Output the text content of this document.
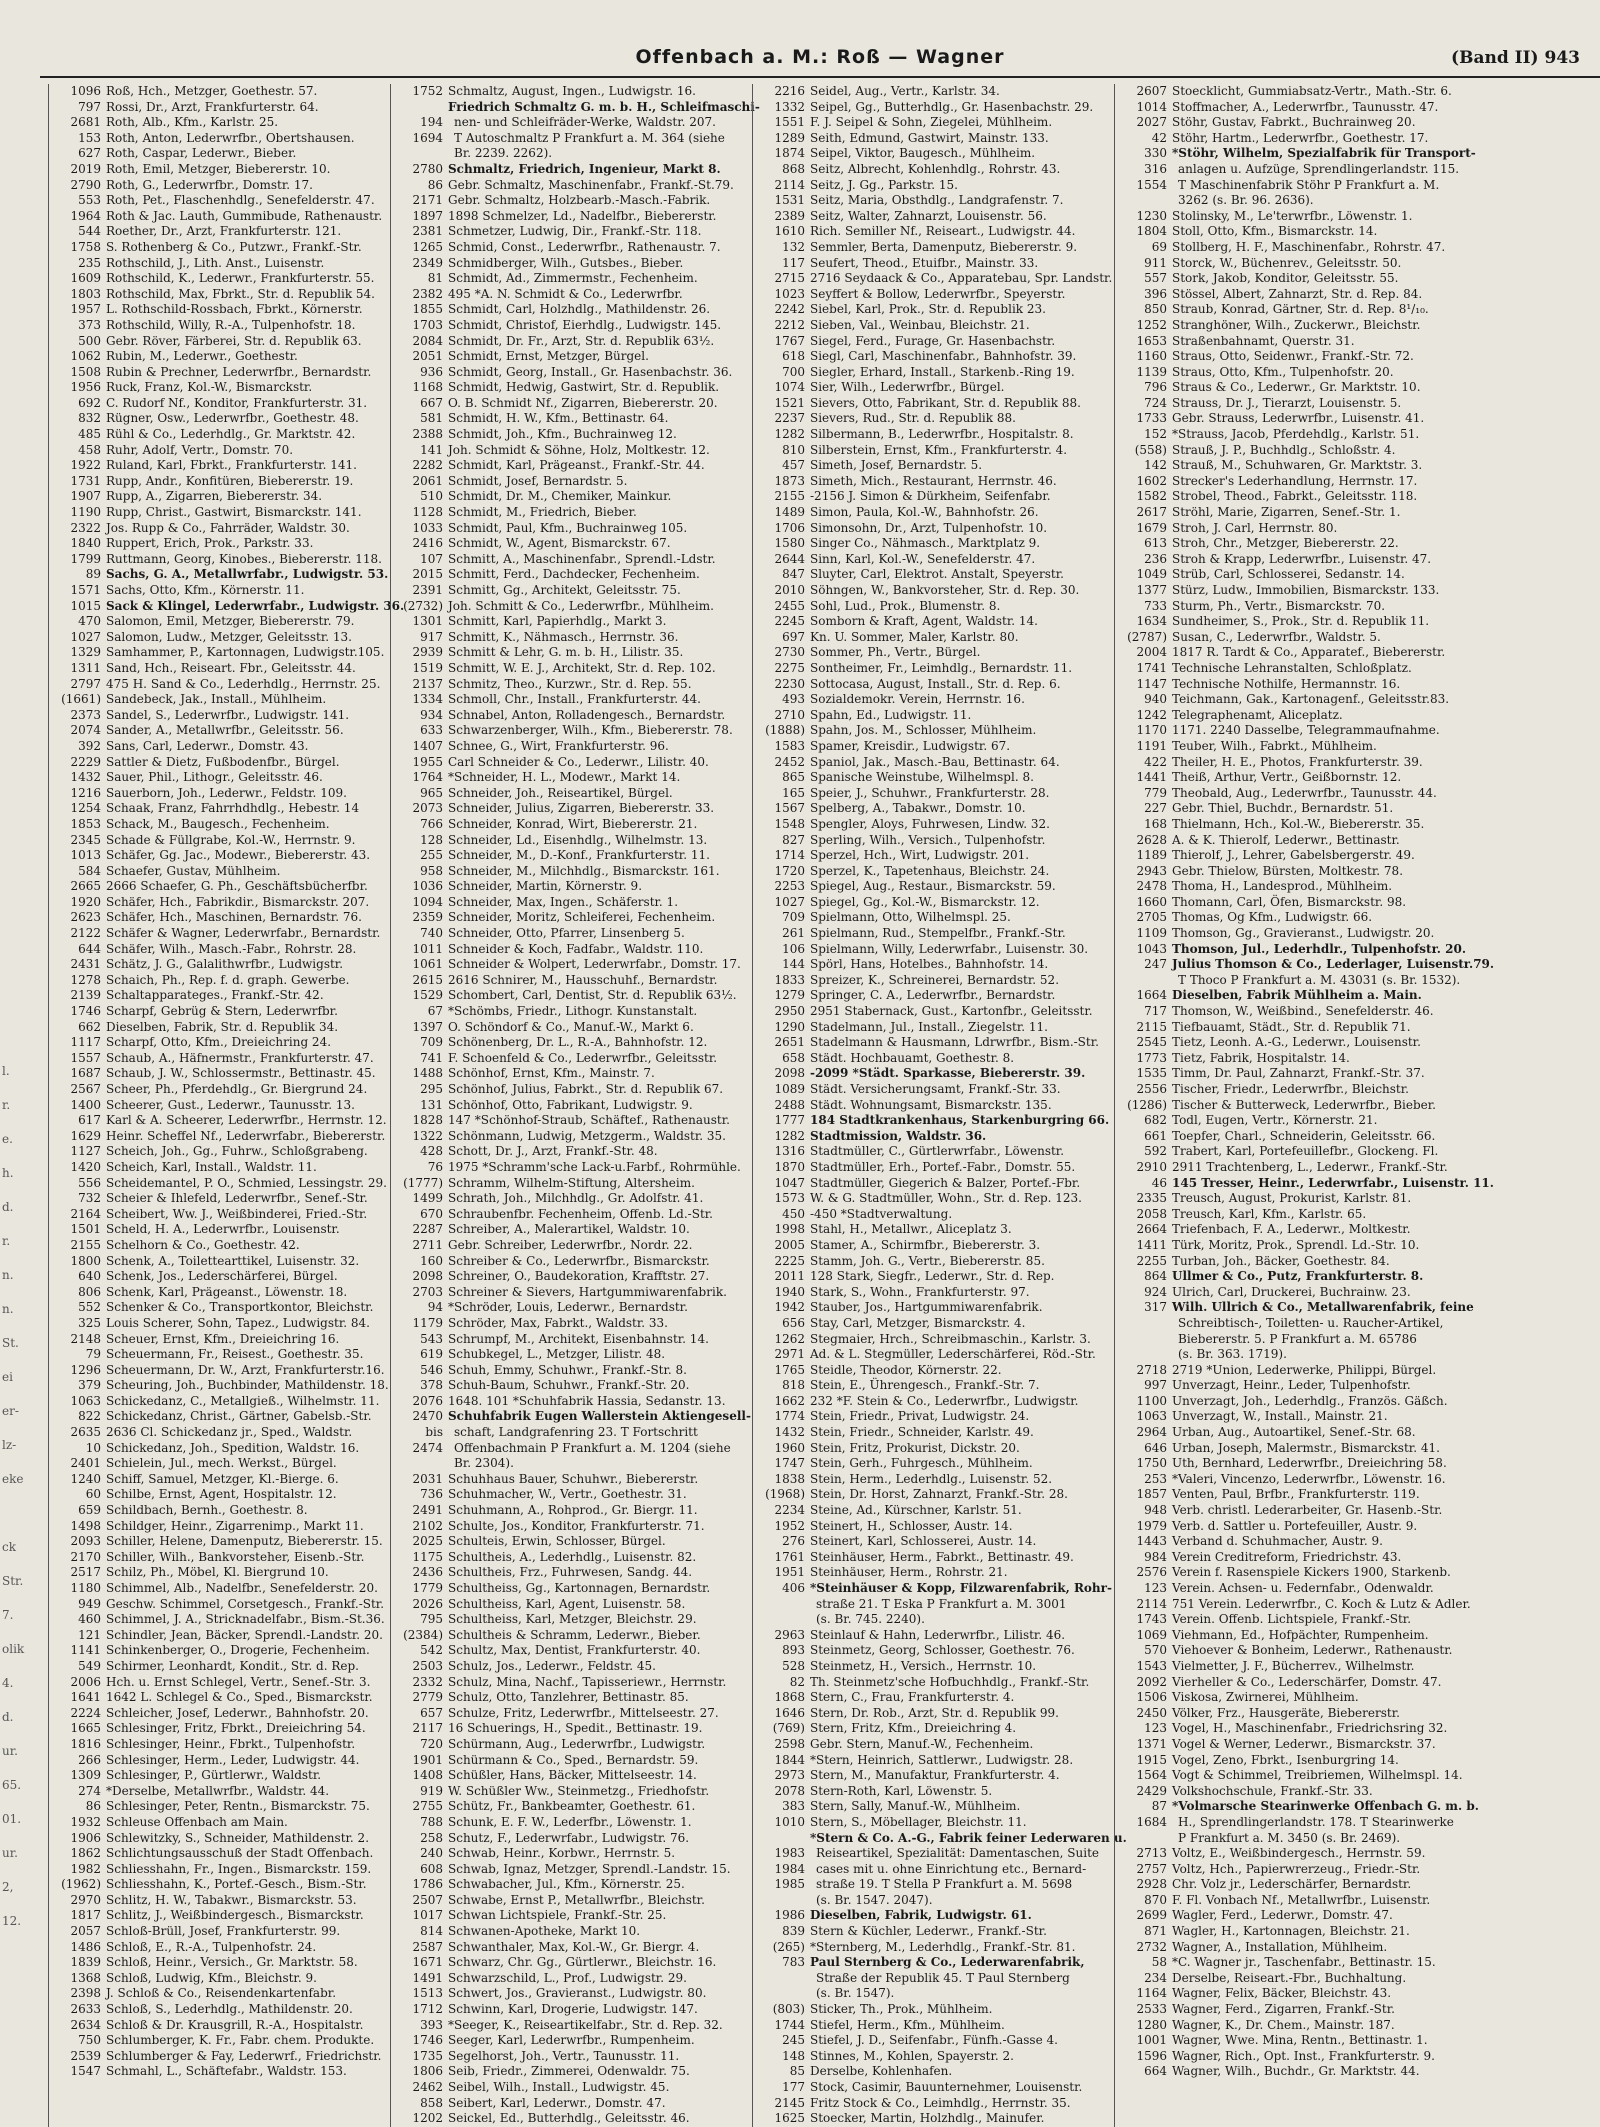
Offenbach a. M.: Roß — Wagner	(Band II) 943
l.
r.
e.
h.
d.
r.
n.
n.
St.
ei
er-
lz-
eke
ck
Str.
7.
olik
4.
d.
ur.
65.
01.
ur.
2,
12.
1096 Roß, Hch., Metzger, Goethestr. 57.
797 Rossi, Dr., Arzt, Frankfurterstr. 64.
2681 Roth, Alb., Kfm., Karlstr. 25.
153 Roth, Anton, Lederwrfbr., Obertshausen.
627 Roth, Caspar, Lederwr., Bieber.
2019 Roth, Emil, Metzger, Biebererstr. 10.
2790 Roth, G., Lederwrfbr., Domstr. 17.
553 Roth, Pet., Flaschenhdlg., Senefelderstr. 47.
1964 Roth & Jac. Lauth, Gummibude, Rathenaustr.
544 Roether, Dr., Arzt, Frankfurterstr. 121.
1758 S. Rothenberg & Co., Putzwr., Frankf.-Str.
235 Rothschild, J., Lith. Anst., Luisenstr.
1609 Rothschild, K., Lederwr., Frankfurterstr. 55.
1803 Rothschild, Max, Fbrkt., Str. d. Republik 54.
1957 L. Rothschild-Rossbach, Fbrkt., Körnerstr.
373 Rothschild, Willy, R.-A., Tulpenhofstr. 18.
500 Gebr. Röver, Färberei, Str. d. Republik 63.
1062 Rubin, M., Lederwr., Goethestr.
1508 Rubin & Prechner, Lederwrfbr., Bernardstr.
1956 Ruck, Franz, Kol.-W., Bismarckstr.
692 C. Rudorf Nf., Konditor, Frankfurterstr. 31.
832 Rügner, Osw., Lederwrfbr., Goethestr. 48.
485 Rühl & Co., Lederhdlg., Gr. Marktstr. 42.
458 Ruhr, Adolf, Vertr., Domstr. 70.
1922 Ruland, Karl, Fbrkt., Frankfurterstr. 141.
1731 Rupp, Andr., Konfitüren, Biebererstr. 19.
1907 Rupp, A., Zigarren, Biebererstr. 34.
1190 Rupp, Christ., Gastwirt, Bismarckstr. 141.
2322 Jos. Rupp & Co., Fahrräder, Waldstr. 30.
1840 Ruppert, Erich, Prok., Parkstr. 33.
1799 Ruttmann, Georg, Kinobes., Biebererstr. 118.
89 Sachs, G. A., Metallwrfabr., Ludwigstr. 53.
1571 Sachs, Otto, Kfm., Körnerstr. 11.
1015 Sack & Klingel, Lederwrfabr., Ludwigstr. 36.
470 Salomon, Emil, Metzger, Biebererstr. 79.
1027 Salomon, Ludw., Metzger, Geleitsstr. 13.
1329 Samhammer, P., Kartonnagen, Ludwigstr.105.
1311 Sand, Hch., Reiseart. Fbr., Geleitsstr. 44.
2797 475 H. Sand & Co., Lederhdlg., Herrnstr. 25.
(1661) Sandebeck, Jak., Install., Mühlheim.
2373 Sandel, S., Lederwrfbr., Ludwigstr. 141.
2074 Sander, A., Metallwrfbr., Geleitsstr. 56.
392 Sans, Carl, Lederwr., Domstr. 43.
2229 Sattler & Dietz, Fußbodenfbr., Bürgel.
1432 Sauer, Phil., Lithogr., Geleitsstr. 46.
1216 Sauerborn, Joh., Lederwr., Feldstr. 109.
1254 Schaak, Franz, Fahrrhdhdlg., Hebestr. 14
1853 Schack, M., Baugesch., Fechenheim.
2345 Schade & Füllgrabe, Kol.-W., Herrnstr. 9.
1013 Schäfer, Gg. Jac., Modewr., Biebererstr. 43.
584 Schaefer, Gustav, Mühlheim.
2665 2666 Schaefer, G. Ph., Geschäftsbücherfbr.
1920 Schäfer, Hch., Fabrikdir., Bismarckstr. 207.
2623 Schäfer, Hch., Maschinen, Bernardstr. 76.
2122 Schäfer & Wagner, Lederwrfabr., Bernardstr.
644 Schäfer, Wilh., Masch.-Fabr., Rohrstr. 28.
2431 Schätz, J. G., Galalithwrfbr., Ludwigstr.
1278 Schaich, Ph., Rep. f. d. graph. Gewerbe.
2139 Schaltapparateges., Frankf.-Str. 42.
1746 Scharpf, Gebrüg & Stern, Lederwrfbr.
662 Dieselben, Fabrik, Str. d. Republik 34.
1117 Scharpf, Otto, Kfm., Dreieichring 24.
1557 Schaub, A., Häfnermstr., Frankfurterstr. 47.
1687 Schaub, J. W., Schlossermstr., Bettinastr. 45.
2567 Scheer, Ph., Pferdehdlg., Gr. Biergrund 24.
1400 Scheerer, Gust., Lederwr., Taunusstr. 13.
617 Karl & A. Scheerer, Lederwrfbr., Herrnstr. 12.
1629 Heinr. Scheffel Nf., Lederwrfabr., Biebererstr.
1127 Scheich, Joh., Gg., Fuhrw., Schloßgrabeng.
1420 Scheich, Karl, Install., Waldstr. 11.
556 Scheidemantel, P. O., Schmied, Lessingstr. 29.
732 Scheier & Ihlefeld, Lederwrfbr., Senef.-Str.
2164 Scheibert, Ww. J., Weißbinderei, Fried.-Str.
1501 Scheld, H. A., Lederwrfbr., Louisenstr.
2155 Schelhorn & Co., Goethestr. 42.
1800 Schenk, A., Toilettearttikel, Luisenstr. 32.
640 Schenk, Jos., Lederschärferei, Bürgel.
806 Schenk, Karl, Prägeanst., Löwenstr. 18.
552 Schenker & Co., Transportkontor, Bleichstr.
325 Louis Scherer, Sohn, Tapez., Ludwigstr. 84.
2148 Scheuer, Ernst, Kfm., Dreieichring 16.
79 Scheuermann, Fr., Reisest., Goethestr. 35.
1296 Scheuermann, Dr. W., Arzt, Frankfurterstr.16.
379 Scheuring, Joh., Buchbinder, Mathildenstr. 18.
1063 Schickedanz, C., Metallgieß., Wilhelmstr. 11.
822 Schickedanz, Christ., Gärtner, Gabelsb.-Str.
2635 2636 Cl. Schickedanz jr., Sped., Waldstr.
10 Schickedanz, Joh., Spedition, Waldstr. 16.
2401 Schielein, Jul., mech. Werkst., Bürgel.
1240 Schiff, Samuel, Metzger, Kl.-Bierge. 6.
60 Schilbe, Ernst, Agent, Hospitalstr. 12.
659 Schildbach, Bernh., Goethestr. 8.
1498 Schildger, Heinr., Zigarrenimp., Markt 11.
2093 Schiller, Helene, Damenputz, Biebererstr. 15.
2170 Schiller, Wilh., Bankvorsteher, Eisenb.-Str.
2517 Schilz, Ph., Möbel, Kl. Biergrund 10.
1180 Schimmel, Alb., Nadelfbr., Senefelderstr. 20.
949 Geschw. Schimmel, Corsetgesch., Frankf.-Str.
460 Schimmel, J. A., Stricknadelfabr., Bism.-St.36.
121 Schindler, Jean, Bäcker, Sprendl.-Landstr. 20.
1141 Schinkenberger, O., Drogerie, Fechenheim.
549 Schirmer, Leonhardt, Kondit., Str. d. Rep.
2006 Hch. u. Ernst Schlegel, Vertr., Senef.-Str. 3.
1641 1642 L. Schlegel & Co., Sped., Bismarckstr.
2224 Schleicher, Josef, Lederwr., Bahnhofstr. 20.
1665 Schlesinger, Fritz, Fbrkt., Dreieichring 54.
1816 Schlesinger, Heinr., Fbrkt., Tulpenhofstr.
266 Schlesinger, Herm., Leder, Ludwigstr. 44.
1309 Schlesinger, P., Gürtlerwr., Waldstr.
274 *Derselbe, Metallwrfbr., Waldstr. 44.
86 Schlesinger, Peter, Rentn., Bismarckstr. 75.
1932 Schleuse Offenbach am Main.
1906 Schlewitzky, S., Schneider, Mathildenstr. 2.
1862 Schlichtungsausschuß der Stadt Offenbach.
1982 Schliesshahn, Fr., Ingen., Bismarckstr. 159.
(1962) Schliesshahn, K., Portef.-Gesch., Bism.-Str.
2970 Schlitz, H. W., Tabakwr., Bismarckstr. 53.
1817 Schlitz, J., Weißbindergesch., Bismarckstr.
2057 Schloß-Brüll, Josef, Frankfurterstr. 99.
1486 Schloß, E., R.-A., Tulpenhofstr. 24.
1839 Schloß, Heinr., Versich., Gr. Marktstr. 58.
1368 Schloß, Ludwig, Kfm., Bleichstr. 9.
2398 J. Schloß & Co., Reisendenkartenfabr.
2633 Schloß, S., Lederhdlg., Mathildenstr. 20.
2634 Schloß & Dr. Krausgrill, R.-A., Hospitalstr.
750 Schlumberger, K. Fr., Fabr. chem. Produkte.
2539 Schlumberger & Fay, Lederwrf., Friedrichstr.
1547 Schmahl, L., Schäftefabr., Waldstr. 153.
1752 Schmaltz, August, Ingen., Ludwigstr. 16.
Friedrich Schmaltz G. m. b. H., Schleifmaschi-
194 nen- und Schleifräder-Werke, Waldstr. 207.
1694 T Autoschmaltz P Frankfurt a. M. 364 (siehe
Br. 2239. 2262).
2780 Schmaltz, Friedrich, Ingenieur, Markt 8.
86 Gebr. Schmaltz, Maschinenfabr., Frankf.-St.79.
2171 Gebr. Schmaltz, Holzbearb.-Masch.-Fabrik.
1897 1898 Schmelzer, Ld., Nadelfbr., Biebererstr.
2381 Schmetzer, Ludwig, Dir., Frankf.-Str. 118.
1265 Schmid, Const., Lederwrfbr., Rathenaustr. 7.
2349 Schmidberger, Wilh., Gutsbes., Bieber.
81 Schmidt, Ad., Zimmermstr., Fechenheim.
2382 495 *A. N. Schmidt & Co., Lederwrfbr.
1855 Schmidt, Carl, Holzhdlg., Mathildenstr. 26.
1703 Schmidt, Christof, Eierhdlg., Ludwigstr. 145.
2084 Schmidt, Dr. Fr., Arzt, Str. d. Republik 63½.
2051 Schmidt, Ernst, Metzger, Bürgel.
936 Schmidt, Georg, Install., Gr. Hasenbachstr. 36.
1168 Schmidt, Hedwig, Gastwirt, Str. d. Republik.
667 O. B. Schmidt Nf., Zigarren, Biebererstr. 20.
581 Schmidt, H. W., Kfm., Bettinastr. 64.
2388 Schmidt, Joh., Kfm., Buchrainweg 12.
141 Joh. Schmidt & Söhne, Holz, Moltkestr. 12.
2282 Schmidt, Karl, Prägeanst., Frankf.-Str. 44.
2061 Schmidt, Josef, Bernardstr. 5.
510 Schmidt, Dr. M., Chemiker, Mainkur.
1128 Schmidt, M., Friedrich, Bieber.
1033 Schmidt, Paul, Kfm., Buchrainweg 105.
2416 Schmidt, W., Agent, Bismarckstr. 67.
107 Schmitt, A., Maschinenfabr., Sprendl.-Ldstr.
2015 Schmitt, Ferd., Dachdecker, Fechenheim.
2391 Schmitt, Gg., Architekt, Geleitsstr. 75.
(2732) Joh. Schmitt & Co., Lederwrfbr., Mühlheim.
1301 Schmitt, Karl, Papierhdlg., Markt 3.
917 Schmitt, K., Nähmasch., Herrnstr. 36.
2939 Schmitt & Lehr, G. m. b. H., Lilistr. 35.
1519 Schmitt, W. E. J., Architekt, Str. d. Rep. 102.
2137 Schmitz, Theo., Kurzwr., Str. d. Rep. 55.
1334 Schmoll, Chr., Install., Frankfurterstr. 44.
934 Schnabel, Anton, Rolladengesch., Bernardstr.
633 Schwarzenberger, Wilh., Kfm., Biebererstr. 78.
1407 Schnee, G., Wirt, Frankfurterstr. 96.
1955 Carl Schneider & Co., Lederwr., Lilistr. 40.
1764 *Schneider, H. L., Modewr., Markt 14.
965 Schneider, Joh., Reiseartikel, Bürgel.
2073 Schneider, Julius, Zigarren, Biebererstr. 33.
766 Schneider, Konrad, Wirt, Biebererstr. 21.
128 Schneider, Ld., Eisenhdlg., Wilhelmstr. 13.
255 Schneider, M., D.-Konf., Frankfurterstr. 11.
958 Schneider, M., Milchhdlg., Bismarckstr. 161.
1036 Schneider, Martin, Körnerstr. 9.
1094 Schneider, Max, Ingen., Schäferstr. 1.
2359 Schneider, Moritz, Schleiferei, Fechenheim.
740 Schneider, Otto, Pfarrer, Linsenberg 5.
1011 Schneider & Koch, Fadfabr., Waldstr. 110.
1061 Schneider & Wolpert, Lederwrfabr., Domstr. 17.
2615 2616 Schnirer, M., Hausschuhf., Bernardstr.
1529 Schombert, Carl, Dentist, Str. d. Republik 63½.
67 *Schömbs, Friedr., Lithogr. Kunstanstalt.
1397 O. Schöndorf & Co., Manuf.-W., Markt 6.
709 Schönenberg, Dr. L., R.-A., Bahnhofstr. 12.
741 F. Schoenfeld & Co., Lederwrfbr., Geleitsstr.
1488 Schönhof, Ernst, Kfm., Mainstr. 7.
295 Schönhof, Julius, Fabrkt., Str. d. Republik 67.
131 Schönhof, Otto, Fabrikant, Ludwigstr. 9.
1828 147 *Schönhof-Straub, Schäftef., Rathenaustr.
1322 Schönmann, Ludwig, Metzgerm., Waldstr. 35.
428 Schott, Dr. J., Arzt, Frankf.-Str. 48.
76 1975 *Schramm'sche Lack-u.Farbf., Rohrmühle.
(1777) Schramm, Wilhelm-Stiftung, Altersheim.
1499 Schrath, Joh., Milchhdlg., Gr. Adolfstr. 41.
670 Schraubenfbr. Fechenheim, Offenb. Ld.-Str.
2287 Schreiber, A., Malerartikel, Waldstr. 10.
2711 Gebr. Schreiber, Lederwrfbr., Nordr. 22.
160 Schreiber & Co., Lederwrfbr., Bismarckstr.
2098 Schreiner, O., Baudekoration, Krafftstr. 27.
2703 Schreiner & Sievers, Hartgummiwarenfabrik.
94 *Schröder, Louis, Lederwr., Bernardstr.
1179 Schröder, Max, Fabrkt., Waldstr. 33.
543 Schrumpf, M., Architekt, Eisenbahnstr. 14.
619 Schubkegel, L., Metzger, Lilistr. 48.
546 Schuh, Emmy, Schuhwr., Frankf.-Str. 8.
378 Schuh-Baum, Schuhwr., Frankf.-Str. 20.
2076 1648. 101 *Schuhfabrik Hassia, Sedanstr. 13.
2470 Schuhfabrik Eugen Wallerstein Aktiengesell-
bis schaft, Landgrafenring 23. T Fortschritt
2474 Offenbachmain P Frankfurt a. M. 1204 (siehe
Br. 2304).
2031 Schuhhaus Bauer, Schuhwr., Biebererstr.
736 Schuhmacher, W., Vertr., Goethestr. 31.
2491 Schuhmann, A., Rohprod., Gr. Biergr. 11.
2102 Schulte, Jos., Konditor, Frankfurterstr. 71.
2025 Schulteis, Erwin, Schlosser, Bürgel.
1175 Schultheis, A., Lederhdlg., Luisenstr. 82.
2436 Schultheis, Frz., Fuhrwesen, Sandg. 44.
1779 Schultheiss, Gg., Kartonnagen, Bernardstr.
2026 Schultheiss, Karl, Agent, Luisenstr. 58.
795 Schultheiss, Karl, Metzger, Bleichstr. 29.
(2384) Schultheis & Schramm, Lederwr., Bieber.
542 Schultz, Max, Dentist, Frankfurterstr. 40.
2503 Schulz, Jos., Lederwr., Feldstr. 45.
2332 Schulz, Mina, Nachf., Tapisseriewr., Herrnstr.
2779 Schulz, Otto, Tanzlehrer, Bettinastr. 85.
657 Schulze, Fritz, Lederwrfbr., Mittelseestr. 27.
2117 16 Schuerings, H., Spedit., Bettinastr. 19.
720 Schürmann, Aug., Lederwrfbr., Ludwigstr.
1901 Schürmann & Co., Sped., Bernardstr. 59.
1408 Schüßler, Hans, Bäcker, Mittelseestr. 14.
919 W. Schüßler Ww., Steinmetzg., Friedhofstr.
2755 Schütz, Fr., Bankbeamter, Goethestr. 61.
788 Schunk, E. F. W., Lederfbr., Löwenstr. 1.
258 Schutz, F., Lederwrfabr., Ludwigstr. 76.
240 Schwab, Heinr., Korbwr., Herrnstr. 5.
608 Schwab, Ignaz, Metzger, Sprendl.-Landstr. 15.
1786 Schwabacher, Jul., Kfm., Körnerstr. 25.
2507 Schwabe, Ernst P., Metallwrfbr., Bleichstr.
1017 Schwan Lichtspiele, Frankf.-Str. 25.
814 Schwanen-Apotheke, Markt 10.
2587 Schwanthaler, Max, Kol.-W., Gr. Biergr. 4.
1671 Schwarz, Chr. Gg., Gürtlerwr., Bleichstr. 16.
1491 Schwarzschild, L., Prof., Ludwigstr. 29.
1513 Schwert, Jos., Gravieranst., Ludwigstr. 80.
1712 Schwinn, Karl, Drogerie, Ludwigstr. 147.
393 *Seeger, K., Reiseartikelfabr., Str. d. Rep. 32.
1746 Seeger, Karl, Lederwrfbr., Rumpenheim.
1735 Segelhorst, Joh., Vertr., Taunusstr. 11.
1806 Seib, Friedr., Zimmerei, Odenwaldr. 75.
2462 Seibel, Wilh., Install., Ludwigstr. 45.
858 Seibert, Karl, Lederwr., Domstr. 47.
1202 Seickel, Ed., Butterhdlg., Geleitsstr. 46.
2216 Seidel, Aug., Vertr., Karlstr. 34.
1332 Seipel, Gg., Butterhdlg., Gr. Hasenbachstr. 29.
1551 F. J. Seipel & Sohn, Ziegelei, Mühlheim.
1289 Seith, Edmund, Gastwirt, Mainstr. 133.
1874 Seipel, Viktor, Baugesch., Mühlheim.
868 Seitz, Albrecht, Kohlenhdlg., Rohrstr. 43.
2114 Seitz, J. Gg., Parkstr. 15.
1531 Seitz, Maria, Obsthdlg., Landgrafenstr. 7.
2389 Seitz, Walter, Zahnarzt, Louisenstr. 56.
1610 Rich. Semiller Nf., Reiseart., Ludwigstr. 44.
132 Semmler, Berta, Damenputz, Biebererstr. 9.
117 Seufert, Theod., Etuifbr., Mainstr. 33.
2715 2716 Seydaack & Co., Apparatebau, Spr. Landstr.
1023 Seyffert & Bollow, Lederwrfbr., Speyerstr.
2242 Siebel, Karl, Prok., Str. d. Republik 23.
2212 Sieben, Val., Weinbau, Bleichstr. 21.
1767 Siegel, Ferd., Furage, Gr. Hasenbachstr.
618 Siegl, Carl, Maschinenfabr., Bahnhofstr. 39.
700 Siegler, Erhard, Install., Starkenb.-Ring 19.
1074 Sier, Wilh., Lederwrfbr., Bürgel.
1521 Sievers, Otto, Fabrikant, Str. d. Republik 88.
2237 Sievers, Rud., Str. d. Republik 88.
1282 Silbermann, B., Lederwrfbr., Hospitalstr. 8.
810 Silberstein, Ernst, Kfm., Frankfurterstr. 4.
457 Simeth, Josef, Bernardstr. 5.
1873 Simeth, Mich., Restaurant, Herrnstr. 46.
2155 -2156 J. Simon & Dürkheim, Seifenfabr.
1489 Simon, Paula, Kol.-W., Bahnhofstr. 26.
1706 Simonsohn, Dr., Arzt, Tulpenhofstr. 10.
1580 Singer Co., Nähmasch., Marktplatz 9.
2644 Sinn, Karl, Kol.-W., Senefelderstr. 47.
847 Sluyter, Carl, Elektrot. Anstalt, Speyerstr.
2010 Söhngen, W., Bankvorsteher, Str. d. Rep. 30.
2455 Sohl, Lud., Prok., Blumenstr. 8.
2245 Somborn & Kraft, Agent, Waldstr. 14.
697 Kn. U. Sommer, Maler, Karlstr. 80.
2730 Sommer, Ph., Vertr., Bürgel.
2275 Sontheimer, Fr., Leimhdlg., Bernardstr. 11.
2230 Sottocasa, August, Install., Str. d. Rep. 6.
493 Sozialdemokr. Verein, Herrnstr. 16.
2710 Spahn, Ed., Ludwigstr. 11.
(1888) Spahn, Jos. M., Schlosser, Mühlheim.
1583 Spamer, Kreisdir., Ludwigstr. 67.
2452 Spaniol, Jak., Masch.-Bau, Bettinastr. 64.
865 Spanische Weinstube, Wilhelmspl. 8.
165 Speier, J., Schuhwr., Frankfurterstr. 28.
1567 Spelberg, A., Tabakwr., Domstr. 10.
1548 Spengler, Aloys, Fuhrwesen, Lindw. 32.
827 Sperling, Wilh., Versich., Tulpenhofstr.
1714 Sperzel, Hch., Wirt, Ludwigstr. 201.
1720 Sperzel, K., Tapetenhaus, Bleichstr. 24.
2253 Spiegel, Aug., Restaur., Bismarckstr. 59.
1027 Spiegel, Gg., Kol.-W., Bismarckstr. 12.
709 Spielmann, Otto, Wilhelmspl. 25.
261 Spielmann, Rud., Stempelfbr., Frankf.-Str.
106 Spielmann, Willy, Lederwrfabr., Luisenstr. 30.
144 Spörl, Hans, Hotelbes., Bahnhofstr. 14.
1833 Spreizer, K., Schreinerei, Bernardstr. 52.
1279 Springer, C. A., Lederwrfbr., Bernardstr.
2950 2951 Stabernack, Gust., Kartonfbr., Geleitsstr.
1290 Stadelmann, Jul., Install., Ziegelstr. 11.
2651 Stadelmann & Hausmann, Ldrwrfbr., Bism.-Str.
658 Städt. Hochbauamt, Goethestr. 8.
2098 -2099 *Städt. Sparkasse, Biebererstr. 39.
1089 Städt. Versicherungsamt, Frankf.-Str. 33.
2488 Städt. Wohnungsamt, Bismarckstr. 135.
1777 184 Stadtkrankenhaus, Starkenburgring 66.
1282 Stadtmission, Waldstr. 36.
1316 Stadtmüller, C., Gürtlerwrfabr., Löwenstr.
1870 Stadtmüller, Erh., Portef.-Fabr., Domstr. 55.
1047 Stadtmüller, Giegerich & Balzer, Portef.-Fbr.
1573 W. & G. Stadtmüller, Wohn., Str. d. Rep. 123.
450 -450 *Stadtverwaltung.
1998 Stahl, H., Metallwr., Aliceplatz 3.
2005 Stamer, A., Schirmfbr., Biebererstr. 3.
2225 Stamm, Joh. G., Vertr., Biebererstr. 85.
2011 128 Stark, Siegfr., Lederwr., Str. d. Rep.
1940 Stark, S., Wohn., Frankfurterstr. 97.
1942 Stauber, Jos., Hartgummiwarenfabrik.
656 Stay, Carl, Metzger, Bismarckstr. 4.
1262 Stegmaier, Hrch., Schreibmaschin., Karlstr. 3.
2971 Ad. & L. Stegmüller, Lederschärferei, Röd.-Str.
1765 Steidle, Theodor, Körnerstr. 22.
818 Stein, E., Ührengesch., Frankf.-Str. 7.
1662 232 *F. Stein & Co., Lederwrfbr., Ludwigstr.
1774 Stein, Friedr., Privat, Ludwigstr. 24.
1432 Stein, Friedr., Schneider, Karlstr. 49.
1960 Stein, Fritz, Prokurist, Dickstr. 20.
1747 Stein, Gerh., Fuhrgesch., Mühlheim.
1838 Stein, Herm., Lederhdlg., Luisenstr. 52.
(1968) Stein, Dr. Horst, Zahnarzt, Frankf.-Str. 28.
2234 Steine, Ad., Kürschner, Karlstr. 51.
1952 Steinert, H., Schlosser, Austr. 14.
276 Steinert, Karl, Schlosserei, Austr. 14.
1761 Steinhäuser, Herm., Fabrkt., Bettinastr. 49.
1951 Steinhäuser, Herm., Rohrstr. 21.
406 *Steinhäuser & Kopp, Filzwarenfabrik, Rohr-
straße 21. T Eska P Frankfurt a. M. 3001
(s. Br. 745. 2240).
2963 Steinlauf & Hahn, Lederwrfbr., Lilistr. 46.
893 Steinmetz, Georg, Schlosser, Goethestr. 76.
528 Steinmetz, H., Versich., Herrnstr. 10.
82 Th. Steinmetz'sche Hofbuchhdlg., Frankf.-Str.
1868 Stern, C., Frau, Frankfurterstr. 4.
1646 Stern, Dr. Rob., Arzt, Str. d. Republik 99.
(769) Stern, Fritz, Kfm., Dreieichring 4.
2598 Gebr. Stern, Manuf.-W., Fechenheim.
1844 *Stern, Heinrich, Sattlerwr., Ludwigstr. 28.
2973 Stern, M., Manufaktur, Frankfurterstr. 4.
2078 Stern-Roth, Karl, Löwenstr. 5.
383 Stern, Sally, Manuf.-W., Mühlheim.
1010 Stern, S., Möbellager, Bleichstr. 11.
*Stern & Co. A.-G., Fabrik feiner Lederwaren u.
1983 Reiseartikel, Spezialität: Damentaschen, Suite
1984 cases mit u. ohne Einrichtung etc., Bernard-
1985 straße 19. T Stella P Frankfurt a. M. 5698
(s. Br. 1547. 2047).
1986 Dieselben, Fabrik, Ludwigstr. 61.
839 Stern & Küchler, Lederwr., Frankf.-Str.
(265) *Sternberg, M., Lederhdlg., Frankf.-Str. 81.
783 Paul Sternberg & Co., Lederwarenfabrik,
Straße der Republik 45. T Paul Sternberg
(s. Br. 1547).
(803) Sticker, Th., Prok., Mühlheim.
1744 Stiefel, Herm., Kfm., Mühlheim.
245 Stiefel, J. D., Seifenfabr., Fünfh.-Gasse 4.
148 Stinnes, M., Kohlen, Spayerstr. 2.
85 Derselbe, Kohlenhafen.
177 Stock, Casimir, Bauunternehmer, Louisenstr.
2145 Fritz Stock & Co., Leimhdlg., Herrnstr. 35.
1625 Stoecker, Martin, Holzhdlg., Mainufer.
2607 Stoecklicht, Gummiabsatz-Vertr., Math.-Str. 6.
1014 Stoffmacher, A., Lederwrfbr., Taunusstr. 47.
2027 Stöhr, Gustav, Fabrkt., Buchrainweg 20.
42 Stöhr, Hartm., Lederwrfbr., Goethestr. 17.
330 *Stöhr, Wilhelm, Spezialfabrik für Transport-
316 anlagen u. Aufzüge, Sprendlingerlandstr. 115.
1554 T Maschinenfabrik Stöhr P Frankfurt a. M.
3262 (s. Br. 96. 2636).
1230 Stolinsky, M., Le'terwrfbr., Löwenstr. 1.
1804 Stoll, Otto, Kfm., Bismarckstr. 14.
69 Stollberg, H. F., Maschinenfabr., Rohrstr. 47.
911 Storck, W., Büchenrev., Geleitsstr. 50.
557 Stork, Jakob, Konditor, Geleitsstr. 55.
396 Stössel, Albert, Zahnarzt, Str. d. Rep. 84.
850 Straub, Konrad, Gärtner, Str. d. Rep. 8¹/₁₀.
1252 Stranghöner, Wilh., Zuckerwr., Bleichstr.
1653 Straßenbahnamt, Querstr. 31.
1160 Straus, Otto, Seidenwr., Frankf.-Str. 72.
1139 Straus, Otto, Kfm., Tulpenhofstr. 20.
796 Straus & Co., Lederwr., Gr. Marktstr. 10.
724 Strauss, Dr. J., Tierarzt, Louisenstr. 5.
1733 Gebr. Strauss, Lederwrfbr., Luisenstr. 41.
152 *Strauss, Jacob, Pferdehdlg., Karlstr. 51.
(558) Strauß, J. P., Buchhdlg., Schloßstr. 4.
142 Strauß, M., Schuhwaren, Gr. Marktstr. 3.
1602 Strecker's Lederhandlung, Herrnstr. 17.
1582 Strobel, Theod., Fabrkt., Geleitsstr. 118.
2617 Ströhl, Marie, Zigarren, Senef.-Str. 1.
1679 Stroh, J. Carl, Herrnstr. 80.
613 Stroh, Chr., Metzger, Biebererstr. 22.
236 Stroh & Krapp, Lederwrfbr., Luisenstr. 47.
1049 Strüb, Carl, Schlosserei, Sedanstr. 14.
1377 Stürz, Ludw., Immobilien, Bismarckstr. 133.
733 Sturm, Ph., Vertr., Bismarckstr. 70.
1634 Sundheimer, S., Prok., Str. d. Republik 11.
(2787) Susan, C., Lederwrfbr., Waldstr. 5.
2004 1817 R. Tardt & Co., Apparatef., Biebererstr.
1741 Technische Lehranstalten, Schloßplatz.
1147 Technische Nothilfe, Hermannstr. 16.
940 Teichmann, Gak., Kartonagenf., Geleitsstr.83.
1242 Telegraphenamt, Aliceplatz.
1170 1171. 2240 Dasselbe, Telegrammaufnahme.
1191 Teuber, Wilh., Fabrkt., Mühlheim.
422 Theiler, H. E., Photos, Frankfurterstr. 39.
1441 Theiß, Arthur, Vertr., Geißbornstr. 12.
779 Theobald, Aug., Lederwrfbr., Taunusstr. 44.
227 Gebr. Thiel, Buchdr., Bernardstr. 51.
168 Thielmann, Hch., Kol.-W., Biebererstr. 35.
2628 A. & K. Thierolf, Lederwr., Bettinastr.
1189 Thierolf, J., Lehrer, Gabelsbergerstr. 49.
2943 Gebr. Thielow, Bürsten, Moltkestr. 78.
2478 Thoma, H., Landesprod., Mühlheim.
1660 Thomann, Carl, Öfen, Bismarckstr. 98.
2705 Thomas, Og Kfm., Ludwigstr. 66.
1109 Thomson, Gg., Gravieranst., Ludwigstr. 20.
1043 Thomson, Jul., Lederhdlr., Tulpenhofstr. 20.
247 Julius Thomson & Co., Lederlager, Luisenstr.79.
T Thoco P Frankfurt a. M. 43031 (s. Br. 1532).
1664 Dieselben, Fabrik Mühlheim a. Main.
717 Thomson, W., Weißbind., Senefelderstr. 46.
2115 Tiefbauamt, Städt., Str. d. Republik 71.
2545 Tietz, Leonh. A.-G., Lederwr., Louisenstr.
1773 Tietz, Fabrik, Hospitalstr. 14.
1535 Timm, Dr. Paul, Zahnarzt, Frankf.-Str. 37.
2556 Tischer, Friedr., Lederwrfbr., Bleichstr.
(1286) Tischer & Butterweck, Lederwrfbr., Bieber.
682 Todl, Eugen, Vertr., Körnerstr. 21.
661 Toepfer, Charl., Schneiderin, Geleitsstr. 66.
592 Trabert, Karl, Portefeuillefbr., Glockeng. Fl.
2910 2911 Trachtenberg, L., Lederwr., Frankf.-Str.
46 145 Tresser, Heinr., Lederwrfabr., Luisenstr. 11.
2335 Treusch, August, Prokurist, Karlstr. 81.
2058 Treusch, Karl, Kfm., Karlstr. 65.
2664 Triefenbach, F. A., Lederwr., Moltkestr.
1411 Türk, Moritz, Prok., Sprendl. Ld.-Str. 10.
2255 Turban, Joh., Bäcker, Goethestr. 84.
864 Ullmer & Co., Putz, Frankfurterstr. 8.
924 Ulrich, Carl, Druckerei, Buchrainw. 23.
317 Wilh. Ullrich & Co., Metallwarenfabrik, feine
Schreibtisch-, Toiletten- u. Raucher-Artikel,
Biebererstr. 5. P Frankfurt a. M. 65786
(s. Br. 363. 1719).
2718 2719 *Union, Lederwerke, Philippi, Bürgel.
997 Unverzagt, Heinr., Leder, Tulpenhofstr.
1100 Unverzagt, Joh., Lederhdlg., Französ. Gäßch.
1063 Unverzagt, W., Install., Mainstr. 21.
2964 Urban, Aug., Autoartikel, Senef.-Str. 68.
646 Urban, Joseph, Malermstr., Bismarckstr. 41.
1750 Uth, Bernhard, Lederwrfbr., Dreieichring 58.
253 *Valeri, Vincenzo, Lederwrfbr., Löwenstr. 16.
1857 Venten, Paul, Brfbr., Frankfurterstr. 119.
948 Verb. christl. Lederarbeiter, Gr. Hasenb.-Str.
1979 Verb. d. Sattler u. Portefeuiller, Austr. 9.
1443 Verband d. Schuhmacher, Austr. 9.
984 Verein Creditreform, Friedrichstr. 43.
2576 Verein f. Rasenspiele Kickers 1900, Starkenb.
123 Verein. Achsen- u. Federnfabr., Odenwaldr.
2114 751 Verein. Lederwrfbr., C. Koch & Lutz & Adler.
1743 Verein. Offenb. Lichtspiele, Frankf.-Str.
1069 Viehmann, Ed., Hofpächter, Rumpenheim.
570 Viehoever & Bonheim, Lederwr., Rathenaustr.
1543 Vielmetter, J. F., Bücherrev., Wilhelmstr.
2092 Vierheller & Co., Lederschärfer, Domstr. 47.
1506 Viskosa, Zwirnerei, Mühlheim.
2450 Völker, Frz., Hausgeräte, Biebererstr.
123 Vogel, H., Maschinenfabr., Friedrichsring 32.
1371 Vogel & Werner, Lederwr., Bismarckstr. 37.
1915 Vogel, Zeno, Fbrkt., Isenburgring 14.
1564 Vogt & Schimmel, Treibriemen, Wilhelmspl. 14.
2429 Volkshochschule, Frankf.-Str. 33.
87 *Volmarsche Stearinwerke Offenbach G. m. b.
1684 H., Sprendlingerlandstr. 178. T Stearinwerke
P Frankfurt a. M. 3450 (s. Br. 2469).
2713 Voltz, E., Weißbindergesch., Herrnstr. 59.
2757 Voltz, Hch., Papierwrerzeug., Friedr.-Str.
2928 Chr. Volz jr., Lederschärfer, Bernardstr.
870 F. Fl. Vonbach Nf., Metallwrfbr., Luisenstr.
2699 Wagler, Ferd., Lederwr., Domstr. 47.
871 Wagler, H., Kartonnagen, Bleichstr. 21.
2732 Wagner, A., Installation, Mühlheim.
58 *C. Wagner jr., Taschenfabr., Bettinastr. 15.
234 Derselbe, Reiseart.-Fbr., Buchhaltung.
1164 Wagner, Felix, Bäcker, Bleichstr. 43.
2533 Wagner, Ferd., Zigarren, Frankf.-Str.
1280 Wagner, K., Dr. Chem., Mainstr. 187.
1001 Wagner, Wwe. Mina, Rentn., Bettinastr. 1.
1596 Wagner, Rich., Opt. Inst., Frankfurterstr. 9.
664 Wagner, Wilh., Buchdr., Gr. Marktstr. 44.
